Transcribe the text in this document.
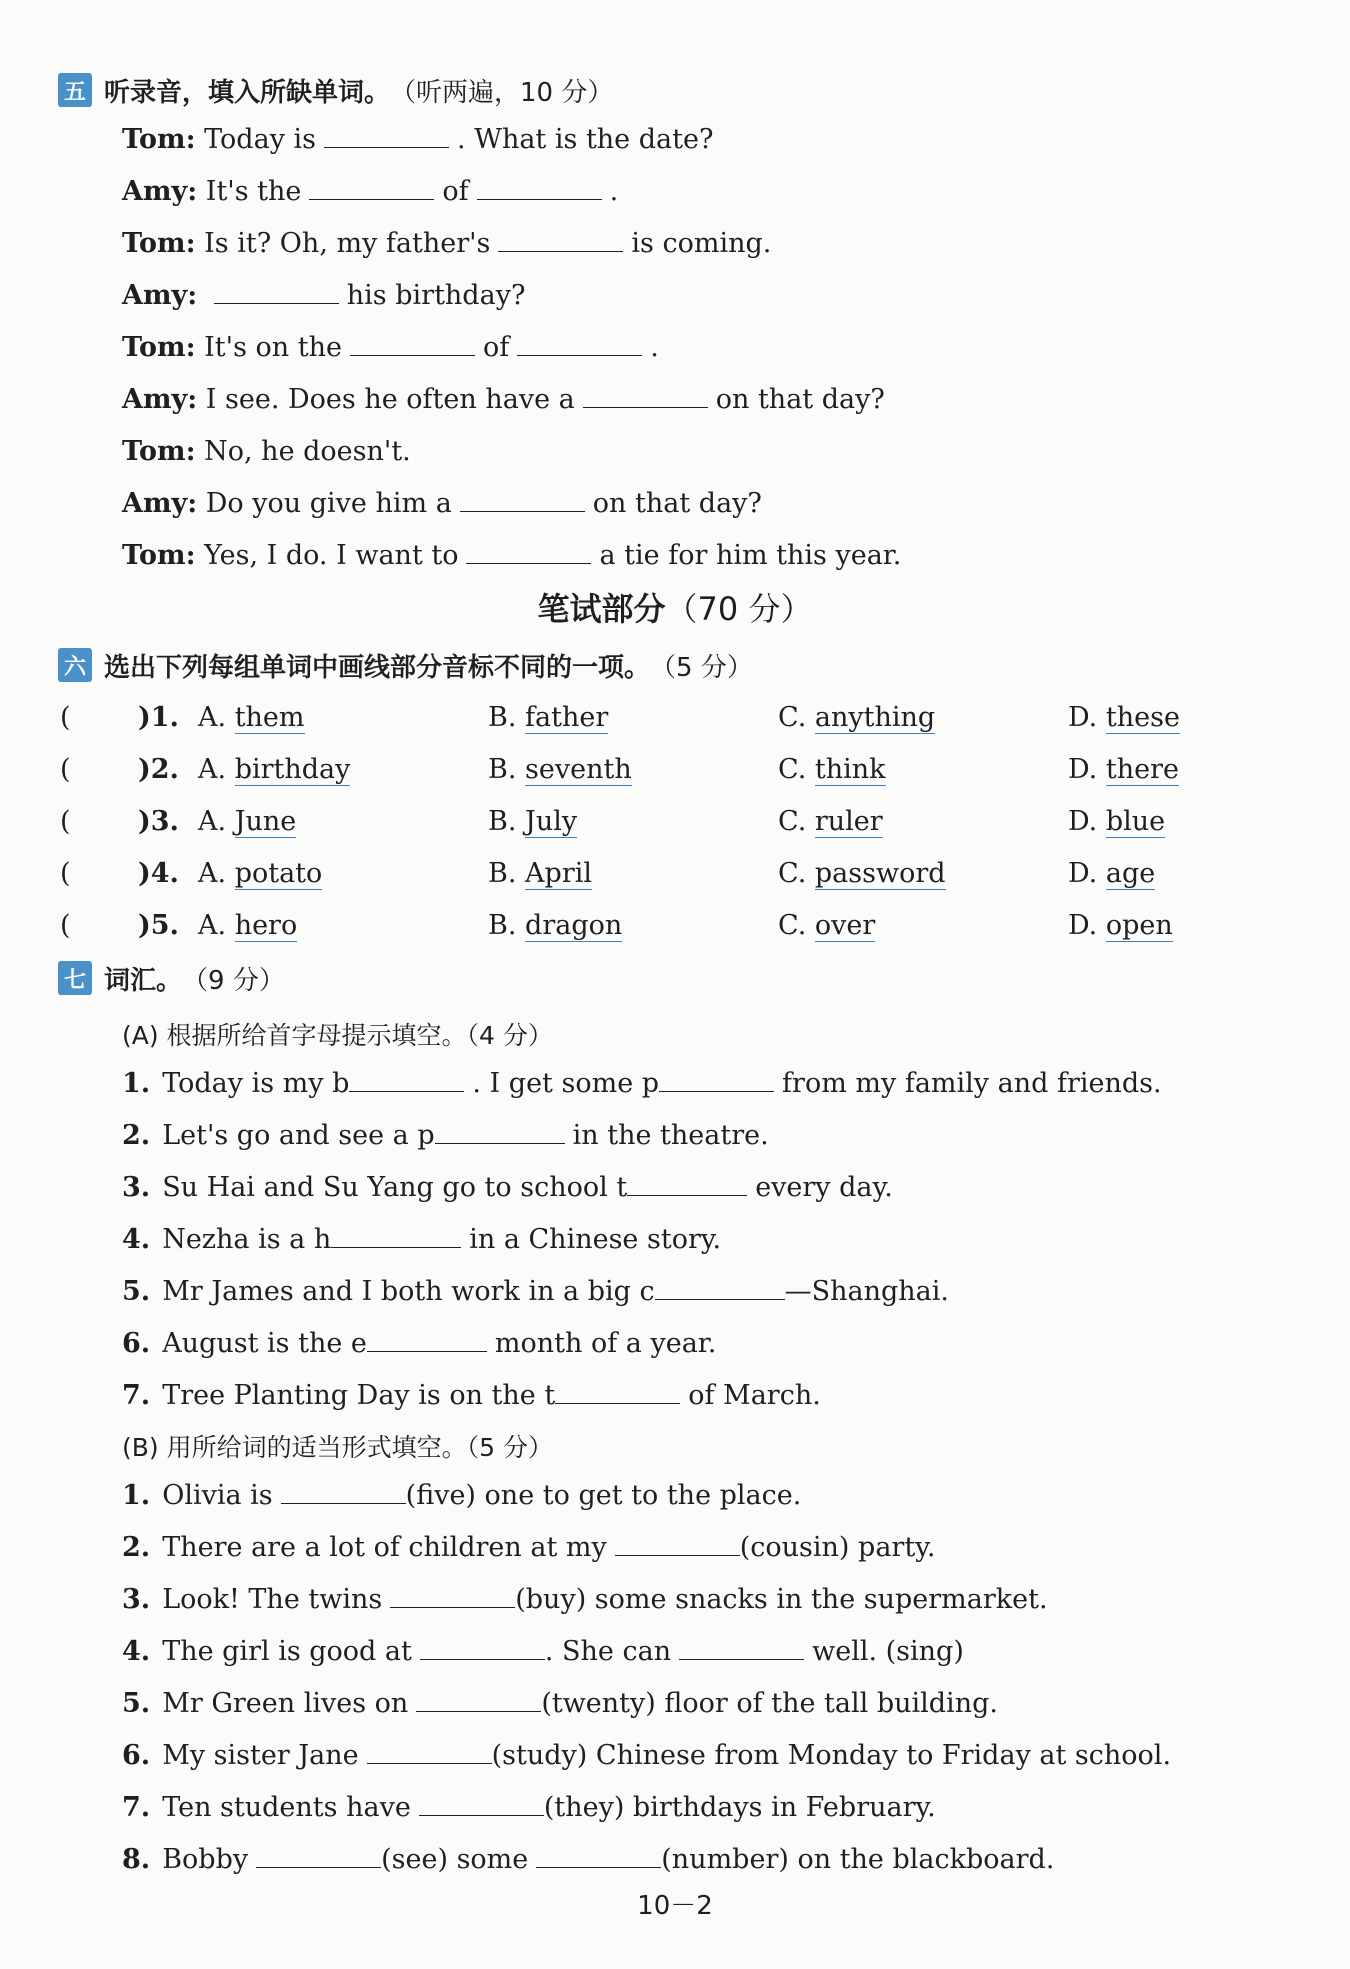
五 听录音，填入所缺单词。 （听两遍，10 分）
Tom: Today is	. What is the date?
Amy: It's the	of	.
Tom: Is it? Oh, my father's	is coming.
Amy:	his birthday?
Tom: It's on the	of	.
Amy: I see. Does he often have a	on that day?
Tom: No, he doesn't.
Amy: Do you give him a	on that day?
Tom: Yes, I do. I want to	a tie for him this year.
笔试部分（70 分）
六 选出下列每组单词中画线部分音标不同的一项。 （5 分）
( )1. A. them	B. father	C. anything	D. these
( )2. A. birthday	B. seventh	C. think	D. there
( )3. A. June	B. July	C. ruler	D. blue
( )4. A. potato	B. April	C. password	D. age
( )5. A. hero	B. dragon	C. over	D. open
七 词汇。 （9 分）
(A) 根据所给首字母提示填空。（4 分）
1. Today is my b	. I get some p	from my family and friends.
2. Let's go and see a p	in the theatre.
3. Su Hai and Su Yang go to school t	every day.
4. Nezha is a h	in a Chinese story.
5. Mr James and I both work in a big c	—Shanghai.
6. August is the e	month of a year.
7. Tree Planting Day is on the t	of March.
(B) 用所给词的适当形式填空。（5 分）
1. Olivia is	(five) one to get to the place.
2. There are a lot of children at my	(cousin) party.
3. Look! The twins	(buy) some snacks in the supermarket.
4. The girl is good at	. She can	well. (sing)
5. Mr Green lives on	(twenty) floor of the tall building.
6. My sister Jane	(study) Chinese from Monday to Friday at school.
7. Ten students have	(they) birthdays in February.
8. Bobby	(see) some	(number) on the blackboard.
10－2
